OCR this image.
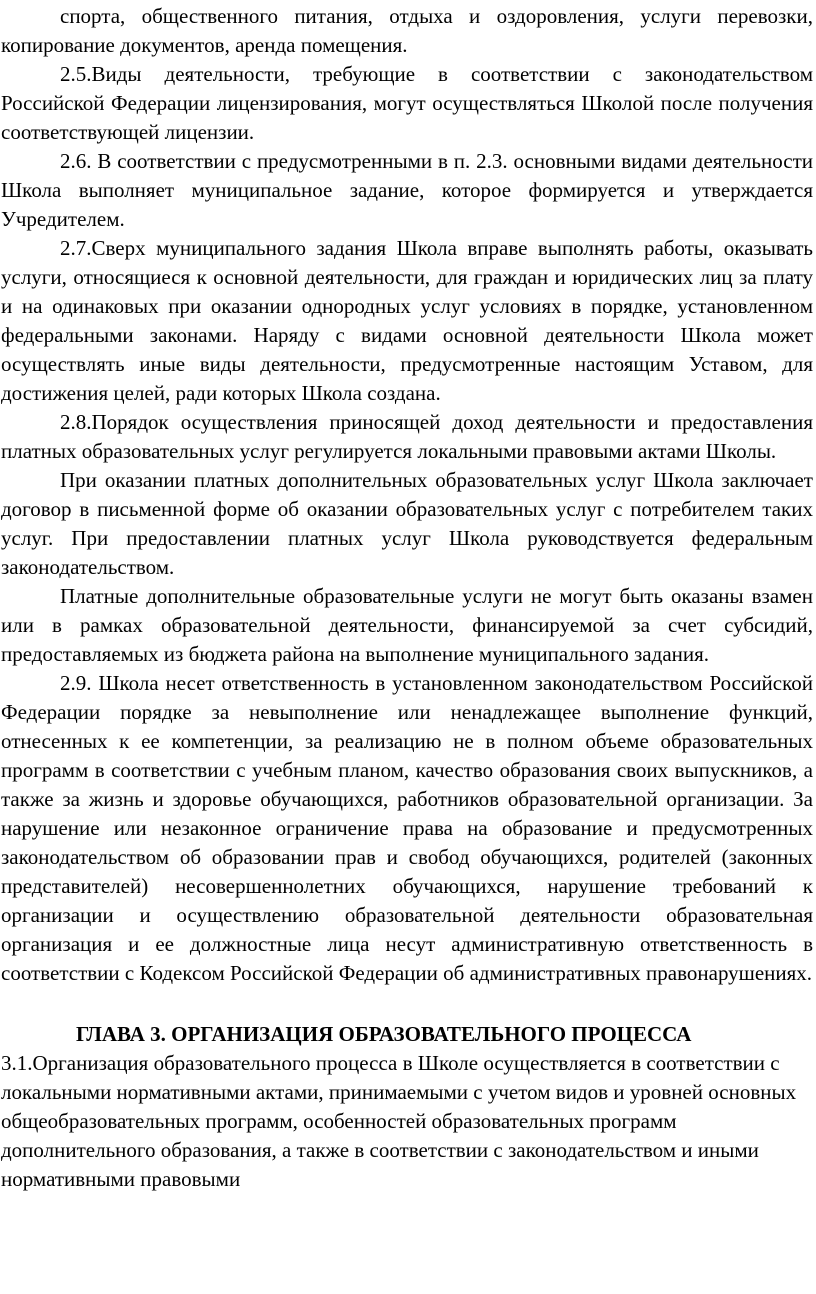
спорта, общественного питания, отдыха и оздоровления, услуги перевозки, копирование документов, аренда помещения.

2.5.Виды деятельности, требующие в соответствии с законодательством Российской Федерации лицензирования, могут осуществляться Школой после получения соответствующей лицензии.

2.6. В соответствии с предусмотренными в п. 2.3. основными видами деятельности Школа выполняет муниципальное задание, которое формируется и утверждается Учредителем.

2.7.Сверх муниципального задания Школа вправе выполнять работы, оказывать услуги, относящиеся к основной деятельности, для граждан и юридических лиц за плату и на одинаковых при оказании однородных услуг условиях в порядке, установленном федеральными законами. Наряду с видами основной деятельности Школа может осуществлять иные виды деятельности, предусмотренные настоящим Уставом, для достижения целей, ради которых Школа создана.

2.8.Порядок осуществления приносящей доход деятельности и предоставления платных образовательных услуг регулируется локальными правовыми актами Школы.

При оказании платных дополнительных образовательных услуг Школа заключает договор в письменной форме об оказании образовательных услуг с потребителем таких услуг. При предоставлении платных услуг Школа руководствуется федеральным законодательством.

Платные дополнительные образовательные услуги не могут быть оказаны взамен или в рамках образовательной деятельности, финансируемой за счет субсидий, предоставляемых из бюджета района на выполнение муниципального задания.

2.9. Школа несет ответственность в установленном законодательством Российской Федерации порядке за невыполнение или ненадлежащее выполнение функций, отнесенных к ее компетенции, за реализацию не в полном объеме образовательных программ в соответствии с учебным планом, качество образования своих выпускников, а также за жизнь и здоровье обучающихся, работников образовательной организации. За нарушение или незаконное ограничение права на образование и предусмотренных законодательством об образовании прав и свобод обучающихся, родителей (законных представителей) несовершеннолетних обучающихся, нарушение требований к организации и осуществлению образовательной деятельности образовательная организация и ее должностные лица несут административную ответственность в соответствии с Кодексом Российской Федерации об административных правонарушениях.

ГЛАВА 3. ОРГАНИЗАЦИЯ ОБРАЗОВАТЕЛЬНОГО ПРОЦЕССА

3.1.Организация образовательного процесса в Школе осуществляется в соответствии с локальными нормативными актами, принимаемыми с учетом видов и уровней основных общеобразовательных программ, особенностей образовательных программ дополнительного образования, а также в соответствии с законодательством и иными нормативными правовыми
